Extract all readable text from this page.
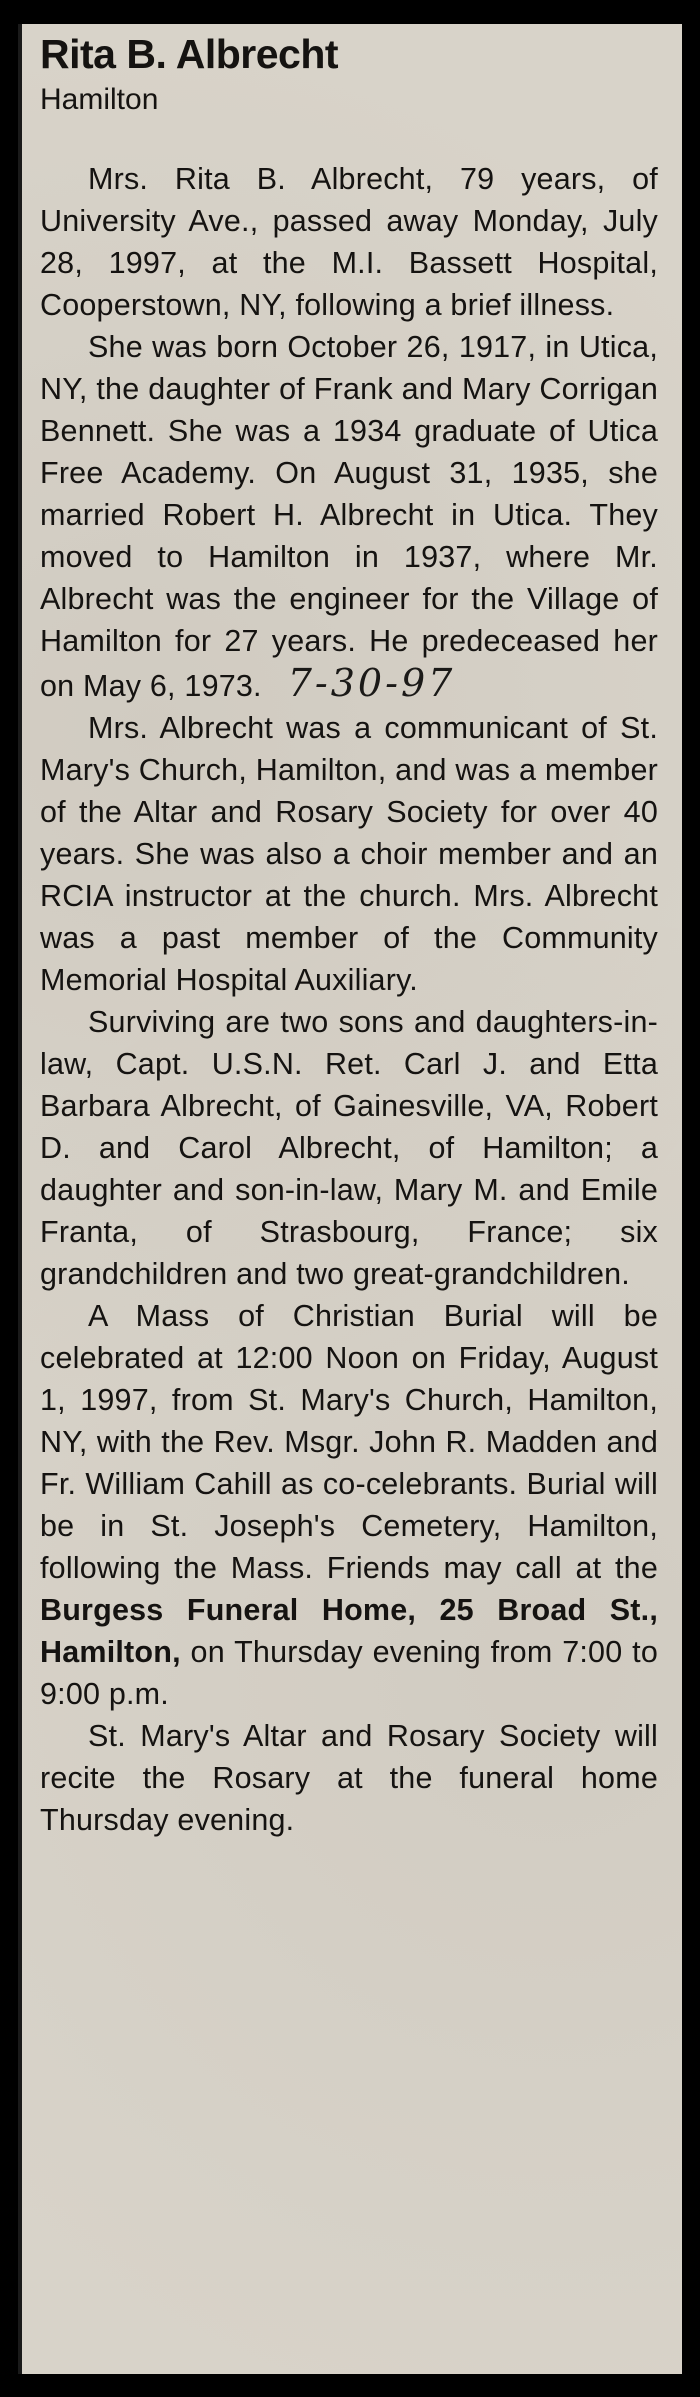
Rita B. Albrecht
Hamilton

Mrs. Rita B. Albrecht, 79 years, of University Ave., passed away Monday, July 28, 1997, at the M.I. Bassett Hospital, Cooperstown, NY, following a brief illness.

She was born October 26, 1917, in Utica, NY, the daughter of Frank and Mary Corrigan Bennett. She was a 1934 graduate of Utica Free Academy. On August 31, 1935, she married Robert H. Albrecht in Utica. They moved to Hamilton in 1937, where Mr. Albrecht was the engineer for the Village of Hamilton for 27 years. He predeceased her on May 6, 1973. 7-30-97

Mrs. Albrecht was a communicant of St. Mary's Church, Hamilton, and was a member of the Altar and Rosary Society for over 40 years. She was also a choir member and an RCIA instructor at the church. Mrs. Albrecht was a past member of the Community Memorial Hospital Auxiliary.

Surviving are two sons and daughters-in-law, Capt. U.S.N. Ret. Carl J. and Etta Barbara Albrecht, of Gainesville, VA, Robert D. and Carol Albrecht, of Hamilton; a daughter and son-in-law, Mary M. and Emile Franta, of Strasbourg, France; six grandchildren and two great-grandchildren.

A Mass of Christian Burial will be celebrated at 12:00 Noon on Friday, August 1, 1997, from St. Mary's Church, Hamilton, NY, with the Rev. Msgr. John R. Madden and Fr. William Cahill as co-celebrants. Burial will be in St. Joseph's Cemetery, Hamilton, following the Mass. Friends may call at the Burgess Funeral Home, 25 Broad St., Hamilton, on Thursday evening from 7:00 to 9:00 p.m.

St. Mary's Altar and Rosary Society will recite the Rosary at the funeral home Thursday evening.
